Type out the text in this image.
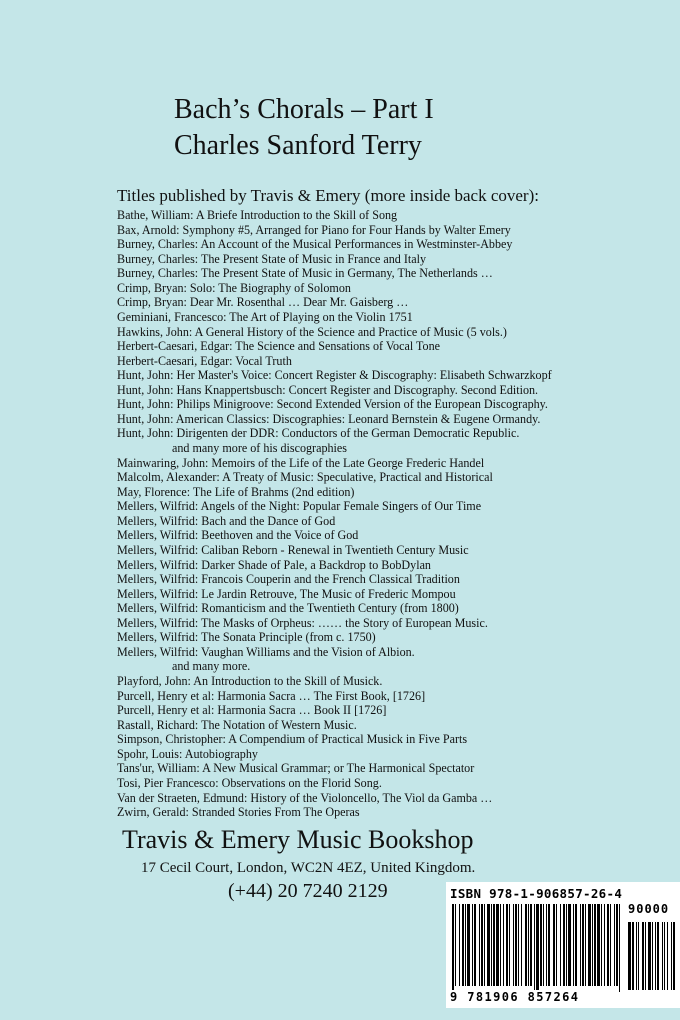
Bach’s Chorals – Part I
Charles Sanford Terry
Titles published by Travis & Emery (more inside back cover):
Bathe, William: A Briefe Introduction to the Skill of Song
Bax, Arnold: Symphony #5, Arranged for Piano for Four Hands by Walter Emery
Burney, Charles: An Account of the Musical Performances in Westminster-Abbey
Burney, Charles: The Present State of Music in France and Italy
Burney, Charles: The Present State of Music in Germany, The Netherlands …
Crimp, Bryan: Solo: The Biography of Solomon
Crimp, Bryan: Dear Mr. Rosenthal … Dear Mr. Gaisberg …
Geminiani, Francesco: The Art of Playing on the Violin 1751
Hawkins, John: A General History of the Science and Practice of Music (5 vols.)
Herbert-Caesari, Edgar: The Science and Sensations of Vocal Tone
Herbert-Caesari, Edgar: Vocal Truth
Hunt, John: Her Master's Voice: Concert Register & Discography: Elisabeth Schwarzkopf
Hunt, John: Hans Knappertsbusch: Concert Register and Discography. Second Edition.
Hunt, John: Philips Minigroove: Second Extended Version of the European Discography.
Hunt, John: American Classics: Discographies: Leonard Bernstein & Eugene Ormandy.
Hunt, John: Dirigenten der DDR: Conductors of the German Democratic Republic.
and many more of his discographies
Mainwaring, John: Memoirs of the Life of the Late George Frederic Handel
Malcolm, Alexander: A Treaty of Music: Speculative, Practical and Historical
May, Florence: The Life of Brahms (2nd edition)
Mellers, Wilfrid: Angels of the Night: Popular Female Singers of Our Time
Mellers, Wilfrid: Bach and the Dance of God
Mellers, Wilfrid: Beethoven and the Voice of God
Mellers, Wilfrid: Caliban Reborn - Renewal in Twentieth Century Music
Mellers, Wilfrid: Darker Shade of Pale, a Backdrop to BobDylan
Mellers, Wilfrid: Francois Couperin and the French Classical Tradition
Mellers, Wilfrid: Le Jardin Retrouve, The Music of Frederic Mompou
Mellers, Wilfrid: Romanticism and the Twentieth Century (from 1800)
Mellers, Wilfrid: The Masks of Orpheus: …… the Story of European Music.
Mellers, Wilfrid: The Sonata Principle (from c. 1750)
Mellers, Wilfrid: Vaughan Williams and the Vision of Albion.
and many more.
Playford, John: An Introduction to the Skill of Musick.
Purcell, Henry et al: Harmonia Sacra … The First Book, [1726]
Purcell, Henry et al: Harmonia Sacra … Book II [1726]
Rastall, Richard: The Notation of Western Music.
Simpson, Christopher: A Compendium of Practical Musick in Five Parts
Spohr, Louis: Autobiography
Tans'ur, William: A New Musical Grammar; or The Harmonical Spectator
Tosi, Pier Francesco: Observations on the Florid Song.
Van der Straeten, Edmund: History of the Violoncello, The Viol da Gamba …
Zwirn, Gerald: Stranded Stories From The Operas
Travis & Emery Music Bookshop
17 Cecil Court, London, WC2N 4EZ, United Kingdom.
(+44) 20 7240 2129	ISBN 978-1-906857-26-4
90000
9 781906 857264
